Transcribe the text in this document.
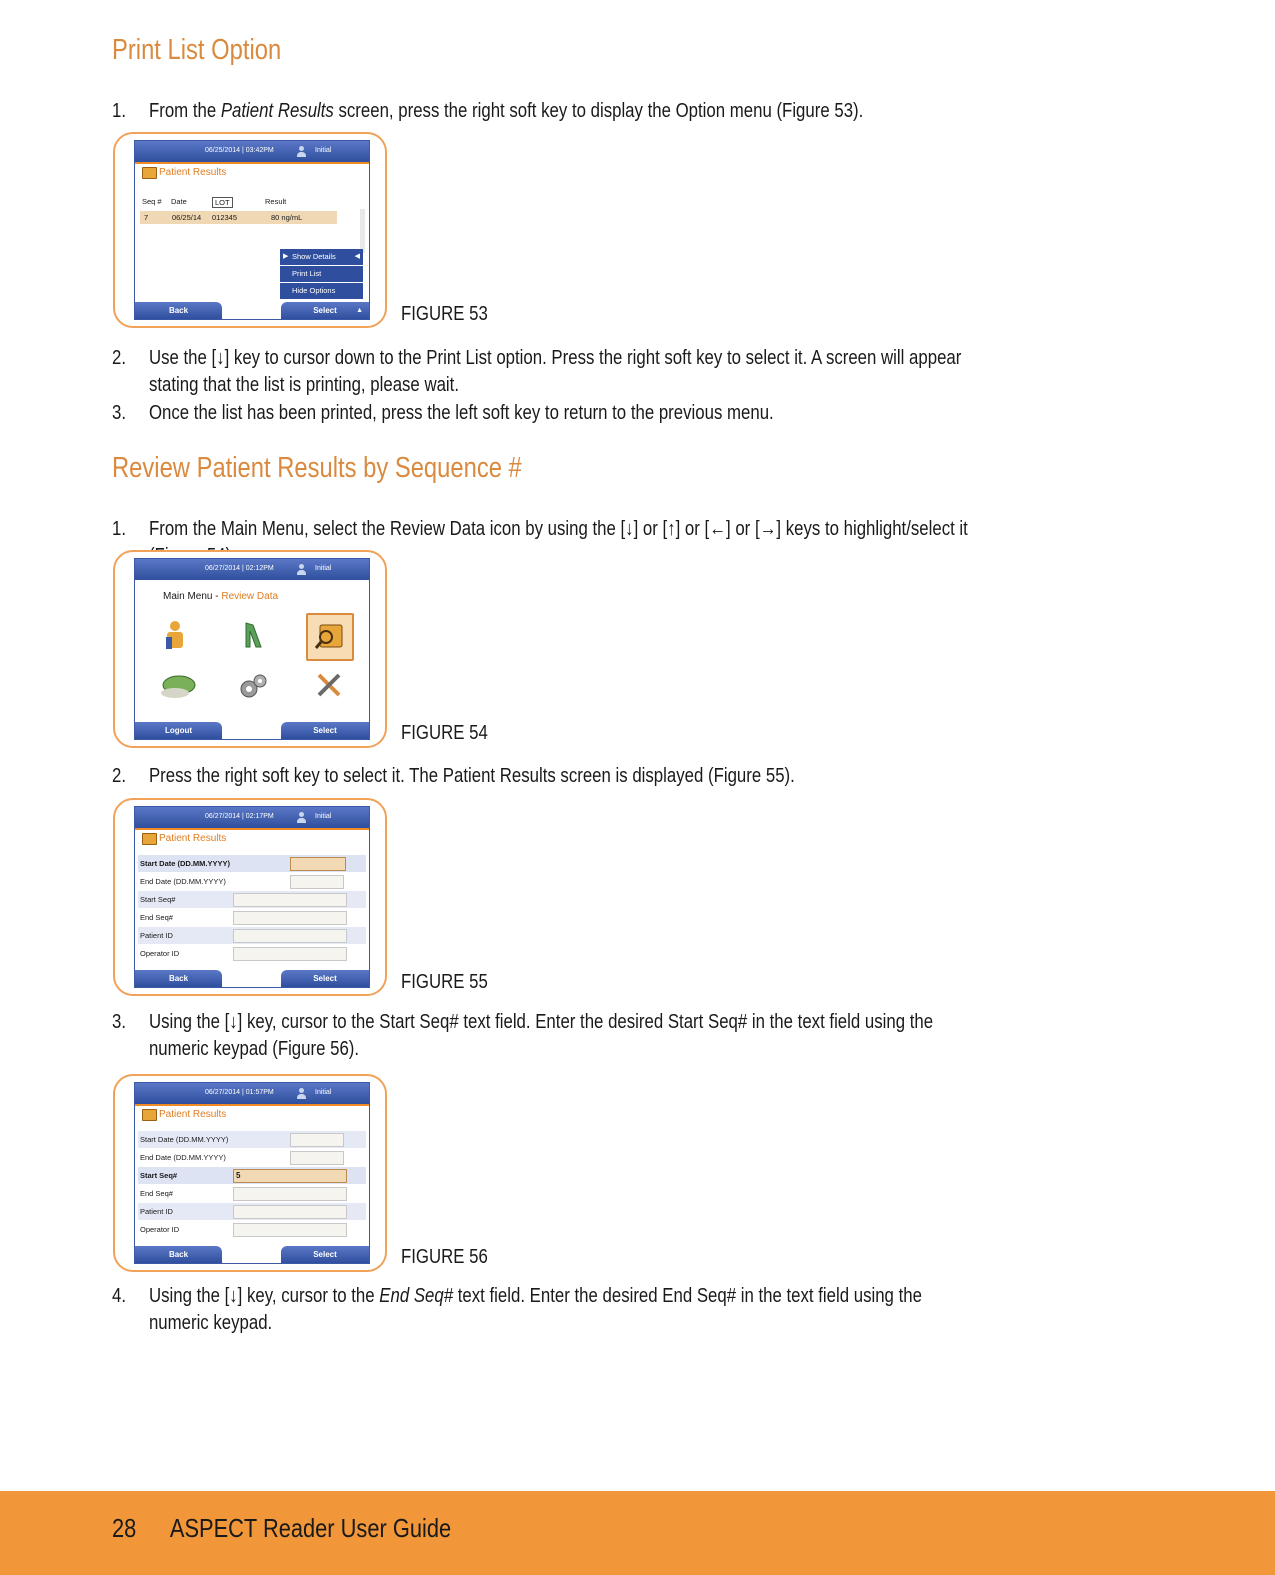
Print List Option
1. From the Patient Results screen, press the right soft key to display the Option menu (Figure 53).
06/25/2014 | 03:42PM	Initial
Patient Results
Seq # Date	LOT	Result
7	06/25/14 012345	80 ng/mL
▶ Show Details	◀
Print List
Hide Options
Back	Select	▲ FIGURE 53
2. Use the [↓] key to cursor down to the Print List option. Press the right soft key to select it. A screen will appear stating that the list is printing, please wait.
3. Once the list has been printed, press the left soft key to return to the previous menu.
Review Patient Results by Sequence #
1. From the Main Menu, select the Review Data icon by using the [↓] or [↑] or [←] or [→] keys to highlight/select it
06/27/2014 | 02:12PM	Initial
Main Menu - Review Data
Logout	Select	FIGURE 54
2. Press the right soft key to select it. The Patient Results screen is displayed (Figure 55).
06/27/2014 | 02:17PM	Initial
Patient Results
Start Date (DD.MM.YYYY)
End Date (DD.MM.YYYY)
Start Seq#
End Seq#
Patient ID
Operator ID
Back	Select	FIGURE 55
3. Using the [↓] key, cursor to the Start Seq# text field. Enter the desired Start Seq# in the text field using the numeric keypad (Figure 56).
06/27/2014 | 01:57PM	Initial
Patient Results
Start Date (DD.MM.YYYY)
End Date (DD.MM.YYYY)
Start Seq#	5
End Seq#
Patient ID
Operator ID
Back	Select	FIGURE 56
4. Using the [↓] key, cursor to the End Seq# text field. Enter the desired End Seq# in the text field using the numeric keypad.
28 ASPECT Reader User Guide
